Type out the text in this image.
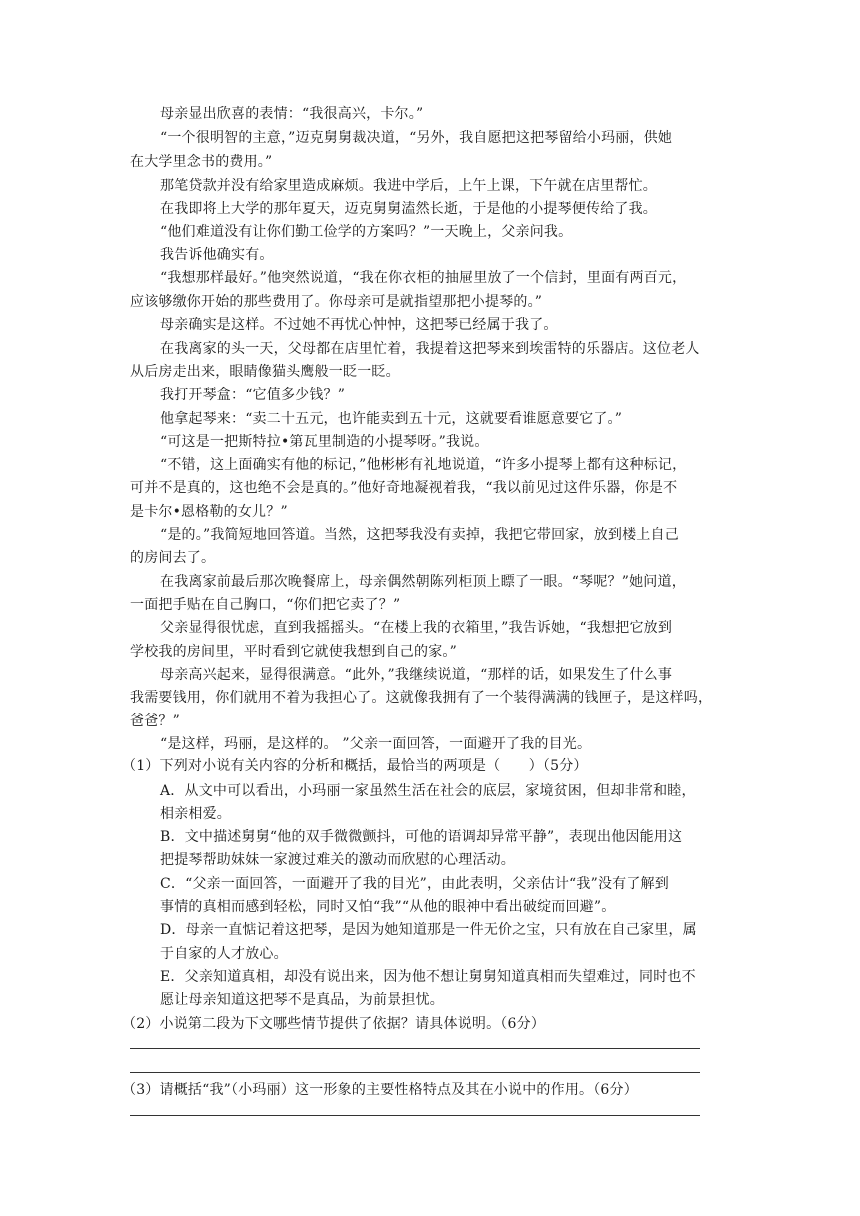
母亲显出欣喜的表情：“我很高兴，卡尔。”
“一个很明智的主意，”迈克舅舅裁决道，“另外，我自愿把这把琴留给小玛丽，供她
在大学里念书的费用。”
那笔贷款并没有给家里造成麻烦。我进中学后，上午上课，下午就在店里帮忙。
在我即将上大学的那年夏天，迈克舅舅溘然长逝，于是他的小提琴便传给了我。
“他们难道没有让你们勤工俭学的方案吗？”一天晚上，父亲问我。
我告诉他确实有。
“我想那样最好。”他突然说道，“我在你衣柜的抽屉里放了一个信封，里面有两百元，
应该够缴你开始的那些费用了。你母亲可是就指望那把小提琴的。”
母亲确实是这样。不过她不再忧心忡忡，这把琴已经属于我了。
在我离家的头一天，父母都在店里忙着，我提着这把琴来到埃雷特的乐器店。这位老人
从后房走出来，眼睛像猫头鹰般一眨一眨。
我打开琴盒：“它值多少钱？”
他拿起琴来：“卖二十五元，也许能卖到五十元，这就要看谁愿意要它了。”
“可这是一把斯特拉•第瓦里制造的小提琴呀。”我说。
“不错，这上面确实有他的标记，”他彬彬有礼地说道，“许多小提琴上都有这种标记，
可并不是真的，这也绝不会是真的。”他好奇地凝视着我，“我以前见过这件乐器，你是不
是卡尔•恩格勒的女儿？”
“是的。”我简短地回答道。当然，这把琴我没有卖掉，我把它带回家，放到楼上自己
的房间去了。
在我离家前最后那次晚餐席上，母亲偶然朝陈列柜顶上瞟了一眼。“琴呢？”她问道，
一面把手贴在自己胸口，“你们把它卖了？”
父亲显得很忧虑，直到我摇摇头。“在楼上我的衣箱里，”我告诉她，“我想把它放到
学校我的房间里，平时看到它就使我想到自己的家。”
母亲高兴起来，显得很满意。“此外，”我继续说道，“那样的话，如果发生了什么事
我需要钱用，你们就用不着为我担心了。这就像我拥有了一个装得满满的钱匣子，是这样吗，
爸爸？”
“是这样，玛丽，是这样的。 ”父亲一面回答，一面避开了我的目光。
（1）下列对小说有关内容的分析和概括，最恰当的两项是（　　）（5分）
A．从文中可以看出，小玛丽一家虽然生活在社会的底层，家境贫困，但却非常和睦，
相亲相爱。
B．文中描述舅舅“他的双手微微颤抖，可他的语调却异常平静”，表现出他因能用这
把提琴帮助妹妹一家渡过难关的激动而欣慰的心理活动。
C．“父亲一面回答，一面避开了我的目光”，由此表明，父亲估计“我”没有了解到
事情的真相而感到轻松，同时又怕“我”“从他的眼神中看出破绽而回避”。
D．母亲一直惦记着这把琴，是因为她知道那是一件无价之宝，只有放在自己家里，属
于自家的人才放心。
E．父亲知道真相，却没有说出来，因为他不想让舅舅知道真相而失望难过，同时也不
愿让母亲知道这把琴不是真品，为前景担忧。
（2）小说第二段为下文哪些情节提供了依据？请具体说明。（6分）
（3）请概括“我”（小玛丽）这一形象的主要性格特点及其在小说中的作用。（6分）
